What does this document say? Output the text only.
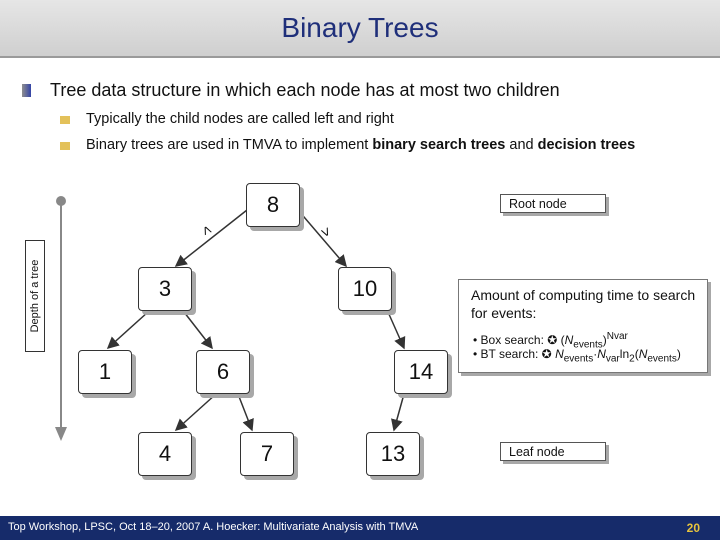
Binary Trees
Tree data structure in which each node has at most two children
Typically the child nodes are called left and right
Binary trees are used in TMVA to implement binary search trees and decision trees
Depth of a tree
<	>
8
3	10
1	6	14
4	7	13
Root node
Leaf node
Amount of computing time to search for events:
• Box search: ✪ $(N_{events})^{Nvar}$
• BT search: ✪ $N_{events}\cdot N_{var}\ln_2(N_{events})$
Top Workshop, LPSC, Oct 18–20, 2007 A. Hoecker: Multivariate Analysis with TMVA	20
